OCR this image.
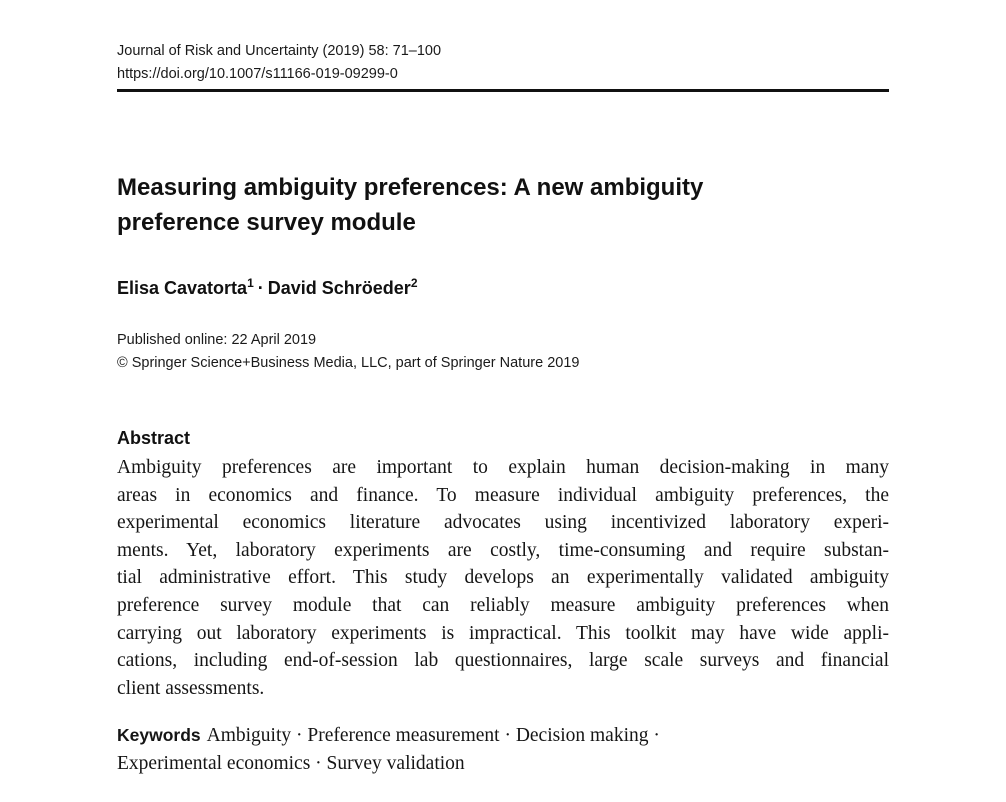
Journal of Risk and Uncertainty (2019) 58: 71–100
https://doi.org/10.1007/s11166-019-09299-0
Measuring ambiguity preferences: A new ambiguity
preference survey module
Elisa Cavatorta$^1$ · David Schröeder$^2$
Published online: 22 April 2019
© Springer Science+Business Media, LLC, part of Springer Nature 2019
Abstract
Ambiguity preferences are important to explain human decision-making in many
areas in economics and finance. To measure individual ambiguity preferences, the
experimental economics literature advocates using incentivized laboratory experi-
ments. Yet, laboratory experiments are costly, time-consuming and require substan-
tial administrative effort. This study develops an experimentally validated ambiguity
preference survey module that can reliably measure ambiguity preferences when
carrying out laboratory experiments is impractical. This toolkit may have wide appli-
cations, including end-of-session lab questionnaires, large scale surveys and financial
client assessments.
Keywords Ambiguity · Preference measurement · Decision making ·
Experimental economics · Survey validation
